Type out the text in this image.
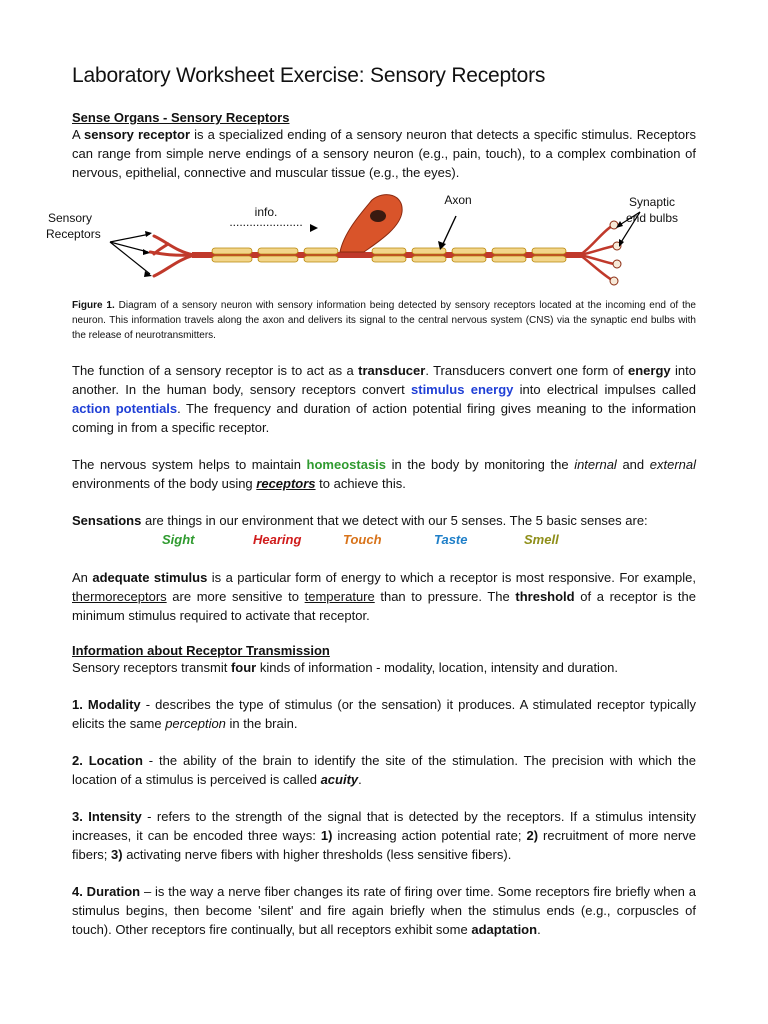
Laboratory Worksheet Exercise: Sensory Receptors
Sense Organs - Sensory Receptors

A sensory receptor is a specialized ending of a sensory neuron that detects a specific stimulus. Receptors can range from simple nerve endings of a sensory neuron (e.g., pain, touch), to a complex combination of nervous, epithelial, connective and muscular tissue (e.g., the eyes).

Sensory
Receptors
info.
......................
Axon	Synaptic
end bulbs

Figure 1. Diagram of a sensory neuron with sensory information being detected by sensory receptors located at the incoming end of the neuron. This information travels along the axon and delivers its signal to the central nervous system (CNS) via the synaptic end bulbs with the release of neurotransmitters.

The function of a sensory receptor is to act as a transducer. Transducers convert one form of energy into another. In the human body, sensory receptors convert stimulus energy into electrical impulses called action potentials. The frequency and duration of action potential firing gives meaning to the information coming in from a specific receptor.

The nervous system helps to maintain homeostasis in the body by monitoring the internal and external environments of the body using receptors to achieve this.

Sensations are things in our environment that we detect with our 5 senses. The 5 basic senses are:

Sight	Hearing	Touch	Taste	Smell

An adequate stimulus is a particular form of energy to which a receptor is most responsive. For example, thermoreceptors are more sensitive to temperature than to pressure. The threshold of a receptor is the minimum stimulus required to activate that receptor.

Information about Receptor Transmission

Sensory receptors transmit four kinds of information - modality, location, intensity and duration.

1. Modality - describes the type of stimulus (or the sensation) it produces. A stimulated receptor typically elicits the same perception in the brain.

2. Location - the ability of the brain to identify the site of the stimulation. The precision with which the location of a stimulus is perceived is called acuity.

3. Intensity - refers to the strength of the signal that is detected by the receptors. If a stimulus intensity increases, it can be encoded three ways: 1) increasing action potential rate; 2) recruitment of more nerve fibers; 3) activating nerve fibers with higher thresholds (less sensitive fibers).

4. Duration – is the way a nerve fiber changes its rate of firing over time. Some receptors fire briefly when a stimulus begins, then become 'silent' and fire again briefly when the stimulus ends (e.g., corpuscles of touch). Other receptors fire continually, but all receptors exhibit some adaptation.
